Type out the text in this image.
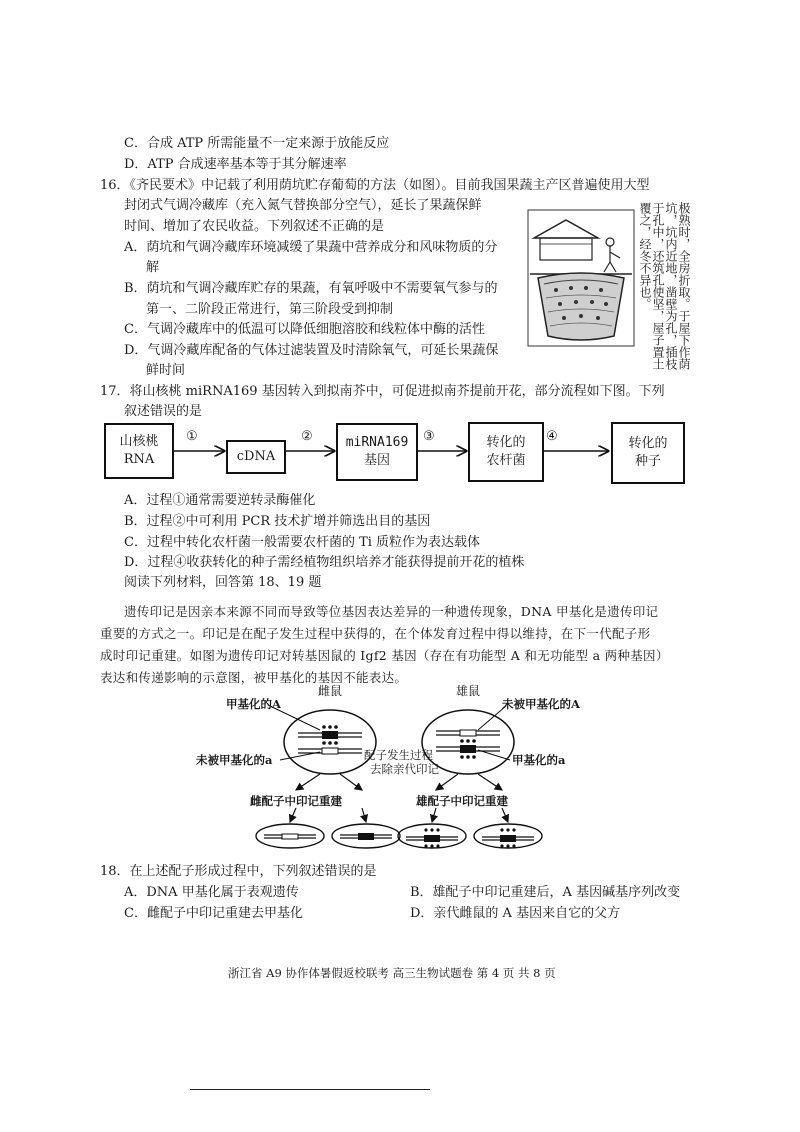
C．合成 ATP 所需能量不一定来源于放能反应
D．ATP 合成速率基本等于其分解速率
16．《齐民要术》中记载了利用荫坑贮存葡萄的方法（如图）。目前我国果蔬主产区普遍使用大型
封闭式气调冷藏库（充入氮气替换部分空气），延长了果蔬保鲜
时间、增加了农民收益。下列叙述不正确的是
A．荫坑和气调冷藏库环境减缓了果蔬中营养成分和风味物质的分
解
B．荫坑和气调冷藏库贮存的果蔬，有氧呼吸中不需要氧气参与的
第一、二阶段正常进行，第三阶段受到抑制
C．气调冷藏库中的低温可以降低细胞溶胶和线粒体中酶的活性
D．气调冷藏库配备的气体过滤装置及时清除氧气，可延长果蔬保
鲜时间
极熟时，全房折取。于屋下作荫坑，坑内近地，凿壁为孔，插枝于孔中，还筑孔使坚，屋子置土覆之，经冬不异也。
17．将山核桃 miRNA169 基因转入到拟南芥中，可促进拟南芥提前开花，部分流程如下图。下列
叙述错误的是
山核桃
RNA
①
cDNA
②	miRNA169
基因
③	转化的
农杆菌
④	转化的
种子
A．过程①通常需要逆转录酶催化
B．过程②中可利用 PCR 技术扩增并筛选出目的基因
C．过程中转化农杆菌一般需要农杆菌的 Ti 质粒作为表达载体
D．过程④收获转化的种子需经植物组织培养才能获得提前开花的植株
阅读下列材料，回答第 18、19 题
遗传印记是因亲本来源不同而导致等位基因表达差异的一种遗传现象，DNA 甲基化是遗传印记
重要的方式之一。印记是在配子发生过程中获得的，在个体发育过程中得以维持，在下一代配子形
成时印记重建。如图为遗传印记对转基因鼠的 Igf2 基因（存在有功能型 A 和无功能型 a 两种基因）
表达和传递影响的示意图，被甲基化的基因不能表达。
雌鼠	雄鼠
甲基化的A	未被甲基化的A
未被甲基化的a	甲基化的a
配子发生过程
去除亲代印记
雌配子中印记重建	雄配子中印记重建
18．在上述配子形成过程中，下列叙述错误的是
A．DNA 甲基化属于表观遗传	B．雄配子中印记重建后，A 基因碱基序列改变
C．雌配子中印记重建去甲基化	D．亲代雌鼠的 A 基因来自它的父方
浙江省 A9 协作体暑假返校联考 高三生物试题卷 第 4 页 共 8 页
